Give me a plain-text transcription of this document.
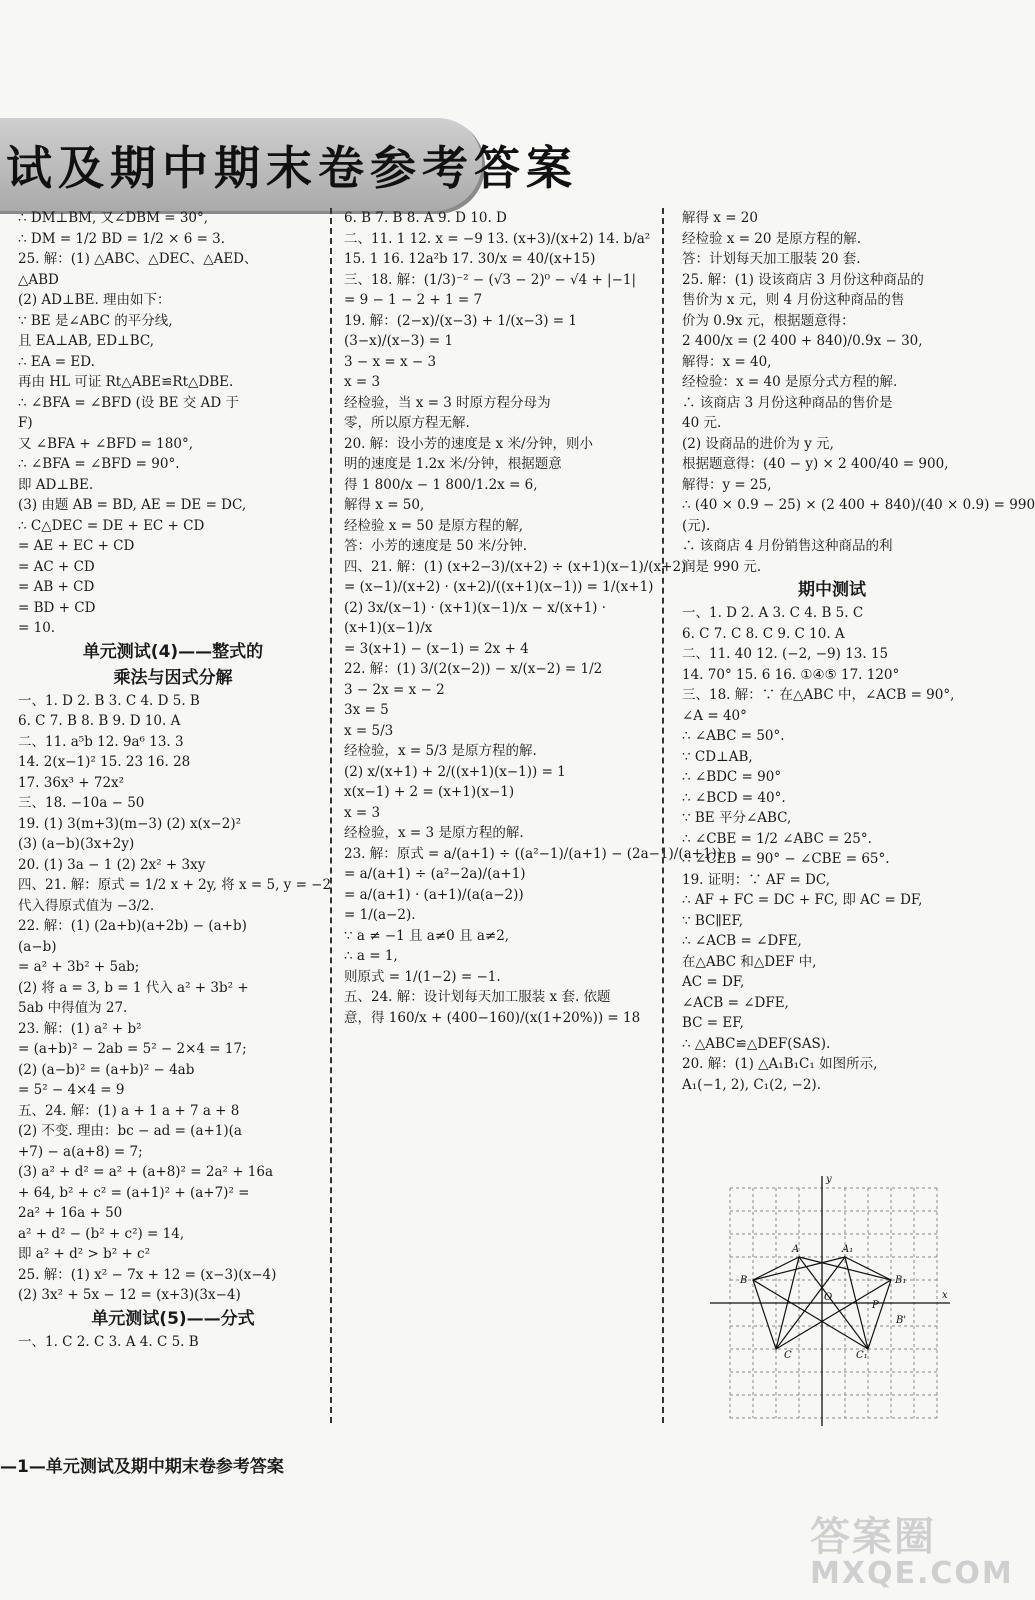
试及期中期末卷参考答案
∴ DM⊥BM, 又∠DBM = 30°,
∴ DM = 1/2 BD = 1/2 × 6 = 3.
25. 解：(1) △ABC、△DEC、△AED、
△ABD
(2) AD⊥BE. 理由如下：
∵ BE 是∠ABC 的平分线,
且 EA⊥AB, ED⊥BC,
∴ EA = ED.
再由 HL 可证 Rt△ABE≌Rt△DBE.
∴ ∠BFA = ∠BFD (设 BE 交 AD 于
F)
又 ∠BFA + ∠BFD = 180°,
∴ ∠BFA = ∠BFD = 90°.
即 AD⊥BE.
(3) 由题 AB = BD, AE = DE = DC,
∴ C△DEC = DE + EC + CD
= AE + EC + CD
= AC + CD
= AB + CD
= BD + CD
= 10.
单元测试(4)——整式的
乘法与因式分解
一、1. D 2. B 3. C 4. D 5. B
6. C 7. B 8. B 9. D 10. A
二、11. a⁵b 12. 9a⁶ 13. 3
14. 2(x−1)² 15. 23 16. 28
17. 36x³ + 72x²
三、18. −10a − 50
19. (1) 3(m+3)(m−3) (2) x(x−2)²
(3) (a−b)(3x+2y)
20. (1) 3a − 1 (2) 2x² + 3xy
四、21. 解：原式 = 1/2 x + 2y, 将 x = 5, y = −2
代入得原式值为 −3/2.
22. 解：(1) (2a+b)(a+2b) − (a+b)
(a−b)
= a² + 3b² + 5ab;
(2) 将 a = 3, b = 1 代入 a² + 3b² +
5ab 中得值为 27.
23. 解：(1) a² + b²
= (a+b)² − 2ab = 5² − 2×4 = 17;
(2) (a−b)² = (a+b)² − 4ab
= 5² − 4×4 = 9
五、24. 解：(1) a + 1 a + 7 a + 8
(2) 不变. 理由：bc − ad = (a+1)(a
+7) − a(a+8) = 7;
(3) a² + d² = a² + (a+8)² = 2a² + 16a
+ 64, b² + c² = (a+1)² + (a+7)² =
2a² + 16a + 50
a² + d² − (b² + c²) = 14,
即 a² + d² > b² + c²
25. 解：(1) x² − 7x + 12 = (x−3)(x−4)
(2) 3x² + 5x − 12 = (x+3)(3x−4)
单元测试(5)——分式
一、1. C 2. C 3. A 4. C 5. B
6. B 7. B 8. A 9. D 10. D
二、11. 1 12. x = −9 13. (x+3)/(x+2) 14. b/a²
15. 1 16. 12a²b 17. 30/x = 40/(x+15)
三、18. 解：(1/3)⁻² − (√3 − 2)⁰ − √4 + |−1|
= 9 − 1 − 2 + 1 = 7
19. 解：(2−x)/(x−3) + 1/(x−3) = 1
(3−x)/(x−3) = 1
3 − x = x − 3
x = 3
经检验，当 x = 3 时原方程分母为
零，所以原方程无解.
20. 解：设小芳的速度是 x 米/分钟，则小
明的速度是 1.2x 米/分钟，根据题意
得 1 800/x − 1 800/1.2x = 6,
解得 x = 50,
经检验 x = 50 是原方程的解,
答：小芳的速度是 50 米/分钟.
四、21. 解：(1) (x+2−3)/(x+2) ÷ (x+1)(x−1)/(x+2)
= (x−1)/(x+2) · (x+2)/((x+1)(x−1)) = 1/(x+1)
(2) 3x/(x−1) · (x+1)(x−1)/x − x/(x+1) ·
(x+1)(x−1)/x
= 3(x+1) − (x−1) = 2x + 4
22. 解：(1) 3/(2(x−2)) − x/(x−2) = 1/2
3 − 2x = x − 2
3x = 5
x = 5/3
经检验，x = 5/3 是原方程的解.
(2) x/(x+1) + 2/((x+1)(x−1)) = 1
x(x−1) + 2 = (x+1)(x−1)
x = 3
经检验，x = 3 是原方程的解.
23. 解：原式 = a/(a+1) ÷ ((a²−1)/(a+1) − (2a−1)/(a+1))
= a/(a+1) ÷ (a²−2a)/(a+1)
= a/(a+1) · (a+1)/(a(a−2))
= 1/(a−2).
∵ a ≠ −1 且 a≠0 且 a≠2,
∴ a = 1,
则原式 = 1/(1−2) = −1.
五、24. 解：设计划每天加工服装 x 套. 依题
意，得 160/x + (400−160)/(x(1+20%)) = 18
解得 x = 20
经检验 x = 20 是原方程的解.
答：计划每天加工服装 20 套.
25. 解：(1) 设该商店 3 月份这种商品的
售价为 x 元，则 4 月份这种商品的售
价为 0.9x 元，根据题意得：
2 400/x = (2 400 + 840)/0.9x − 30,
解得：x = 40,
经检验：x = 40 是原分式方程的解.
∴ 该商店 3 月份这种商品的售价是
40 元.
(2) 设商品的进价为 y 元,
根据题意得：(40 − y) × 2 400/40 = 900,
解得：y = 25,
∴ (40 × 0.9 − 25) × (2 400 + 840)/(40 × 0.9) = 990
(元).
∴ 该商店 4 月份销售这种商品的利
润是 990 元.
期中测试
一、1. D 2. A 3. C 4. B 5. C
6. C 7. C 8. C 9. C 10. A
二、11. 40 12. (−2, −9) 13. 15
14. 70° 15. 6 16. ①④⑤ 17. 120°
三、18. 解：∵ 在△ABC 中，∠ACB = 90°,
∠A = 40°
∴ ∠ABC = 50°.
∵ CD⊥AB,
∴ ∠BDC = 90°
∴ ∠BCD = 40°.
∵ BE 平分∠ABC,
∴ ∠CBE = 1/2 ∠ABC = 25°.
∴ ∠CEB = 90° − ∠CBE = 65°.
19. 证明：∵ AF = DC,
∴ AF + FC = DC + FC, 即 AC = DF,
∵ BC∥EF,
∴ ∠ACB = ∠DFE,
在△ABC 和△DEF 中,
AC = DF,
∠ACB = ∠DFE,
BC = EF,
∴ △ABC≌△DEF(SAS).
20. 解：(1) △A₁B₁C₁ 如图所示,
A₁(−1, 2), C₁(2, −2).
y
x
O
A	A₁
B	B₁
C	C₁
P
B'
—1—单元测试及期中期末卷参考答案
答案圈
MXQE.COM
